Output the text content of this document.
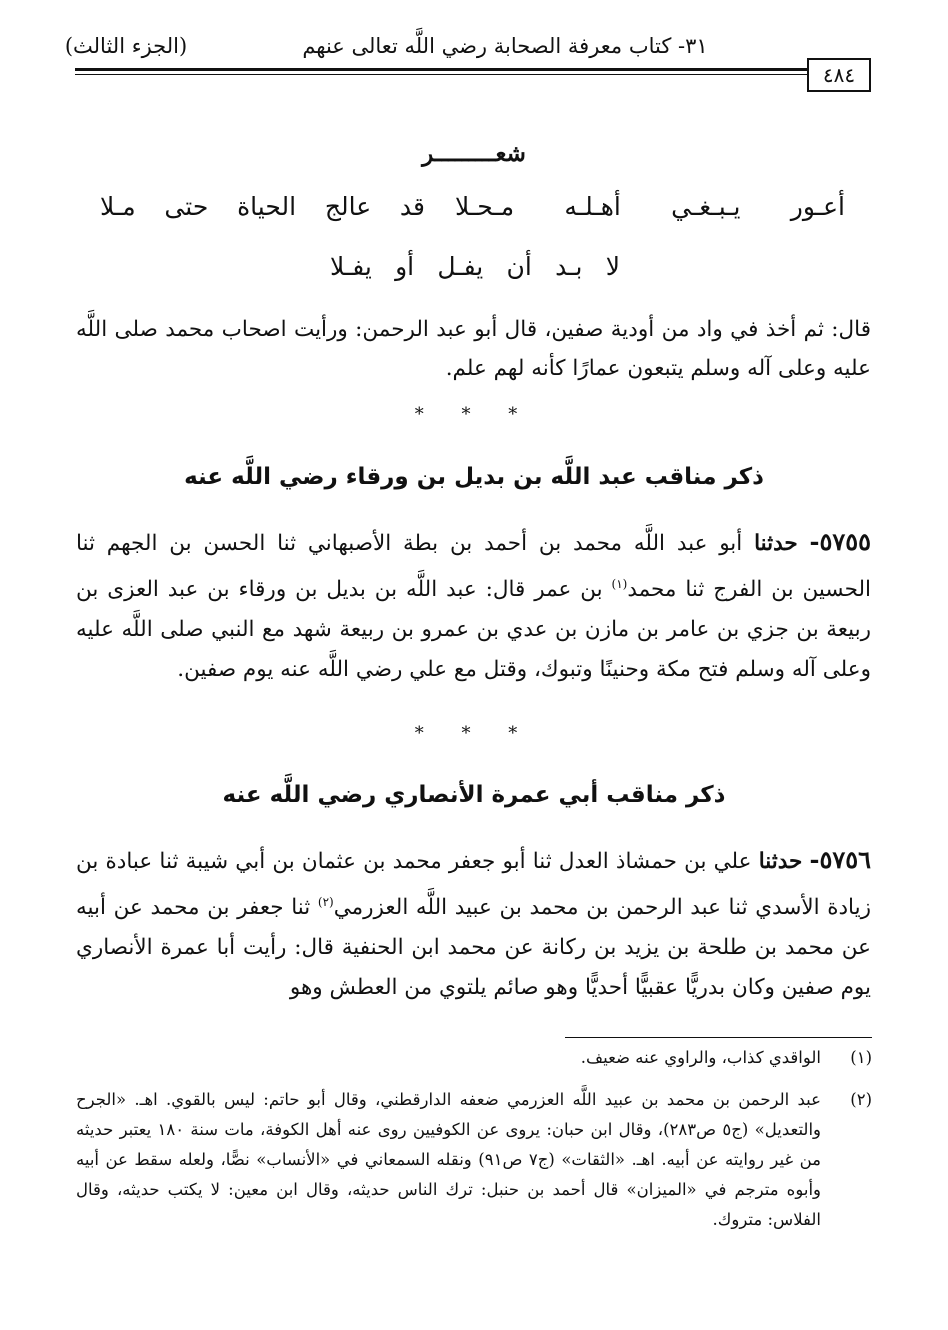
٣١- كتاب معرفة الصحابة رضي اللَّه تعالى عنهم
(الجزء الثالث)
٤٨٤
شعـــــــــر
أعـور يـبـغـي أهـلـه مـحـلا
قد عالج الحياة حتى مـلا
لا بـد أن يفـل أو يفـلا
قال: ثم أخذ في واد من أودية صفين، قال أبو عبد الرحمن: ورأيت اصحاب محمد صلى اللَّه عليه وعلى آله وسلم يتبعون عمارًا كأنه لهم علم.
* * *
ذكر مناقب عبد اللَّه بن بديل بن ورقاء رضي اللَّه عنه
٥٧٥٥- حدثنا أبو عبد اللَّه محمد بن أحمد بن بطة الأصبهاني ثنا الحسن بن الجهم ثنا الحسين بن الفرج ثنا محمد$^{(١)}$ بن عمر قال: عبد اللَّه بن بديل بن ورقاء بن عبد العزى بن ربيعة بن جزي بن عامر بن مازن بن عدي بن عمرو بن ربيعة شهد مع النبي صلى اللَّه عليه وعلى آله وسلم فتح مكة وحنينًا وتبوك، وقتل مع علي رضي اللَّه عنه يوم صفين.
* * *
ذكر مناقب أبي عمرة الأنصاري رضي اللَّه عنه
٥٧٥٦- حدثنا علي بن حمشاذ العدل ثنا أبو جعفر محمد بن عثمان بن أبي شيبة ثنا عبادة بن زيادة الأسدي ثنا عبد الرحمن بن محمد بن عبيد اللَّه العزرمي$^{(٢)}$ ثنا جعفر بن محمد عن أبيه عن محمد بن طلحة بن يزيد بن ركانة عن محمد ابن الحنفية قال: رأيت أبا عمرة الأنصاري يوم صفين وكان بدريًّا عقبيًّا أحديًّا وهو صائم يلتوي من العطش وهو
(١)
الواقدي كذاب، والراوي عنه ضعيف.
(٢)
عبد الرحمن بن محمد بن عبيد اللَّه العزرمي ضعفه الدارقطني، وقال أبو حاتم: ليس بالقوي. اهـ. «الجرح والتعديل» (ج٥ ص٢٨٣)، وقال ابن حبان: يروى عن الكوفيين روى عنه أهل الكوفة، مات سنة ١٨٠ يعتبر حديثه من غير روايته عن أبيه. اهـ. «الثقات» (ج٧ ص٩١) ونقله السمعاني في «الأنساب» نصًّا، ولعله سقط عن أبيه وأبوه مترجم في «الميزان» قال أحمد بن حنبل: ترك الناس حديثه، وقال ابن معين: لا يكتب حديثه، وقال الفلاس: متروك.
